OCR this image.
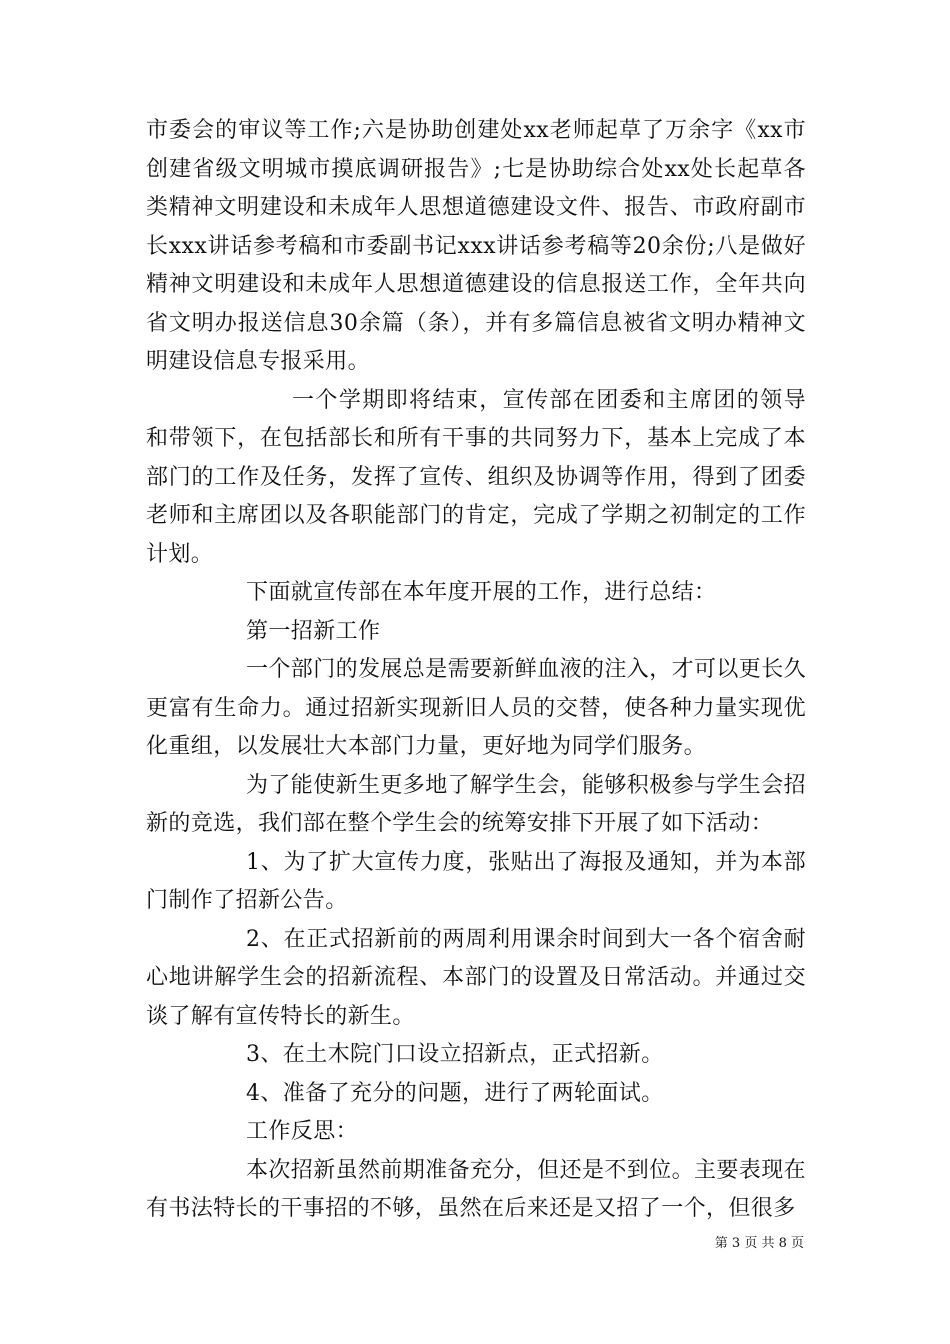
市委会的审议等工作;六是协助创建处xx老师起草了万余字《xx市创建省级文明城市摸底调研报告》;七是协助综合处xx处长起草各类精神文明建设和未成年人思想道德建设文件、报告、市政府副市长xxx讲话参考稿和市委副书记xxx讲话参考稿等20余份;八是做好精神文明建设和未成年人思想道德建设的信息报送工作，全年共向省文明办报送信息30余篇（条），并有多篇信息被省文明办精神文明建设信息专报采用。

一个学期即将结束，宣传部在团委和主席团的领导和带领下，在包括部长和所有干事的共同努力下，基本上完成了本部门的工作及任务，发挥了宣传、组织及协调等作用，得到了团委老师和主席团以及各职能部门的肯定，完成了学期之初制定的工作计划。

下面就宣传部在本年度开展的工作，进行总结：

第一招新工作

一个部门的发展总是需要新鲜血液的注入，才可以更长久更富有生命力。通过招新实现新旧人员的交替，使各种力量实现优化重组，以发展壮大本部门力量，更好地为同学们服务。

为了能使新生更多地了解学生会，能够积极参与学生会招新的竞选，我们部在整个学生会的统筹安排下开展了如下活动：

1、为了扩大宣传力度，张贴出了海报及通知，并为本部门制作了招新公告。

2、在正式招新前的两周利用课余时间到大一各个宿舍耐心地讲解学生会的招新流程、本部门的设置及日常活动。并通过交谈了解有宣传特长的新生。

3、在土木院门口设立招新点，正式招新。

4、准备了充分的问题，进行了两轮面试。

工作反思：

本次招新虽然前期准备充分，但还是不到位。主要表现在有书法特长的干事招的不够，虽然在后来还是又招了一个，但很多

第 3 页 共 8 页
